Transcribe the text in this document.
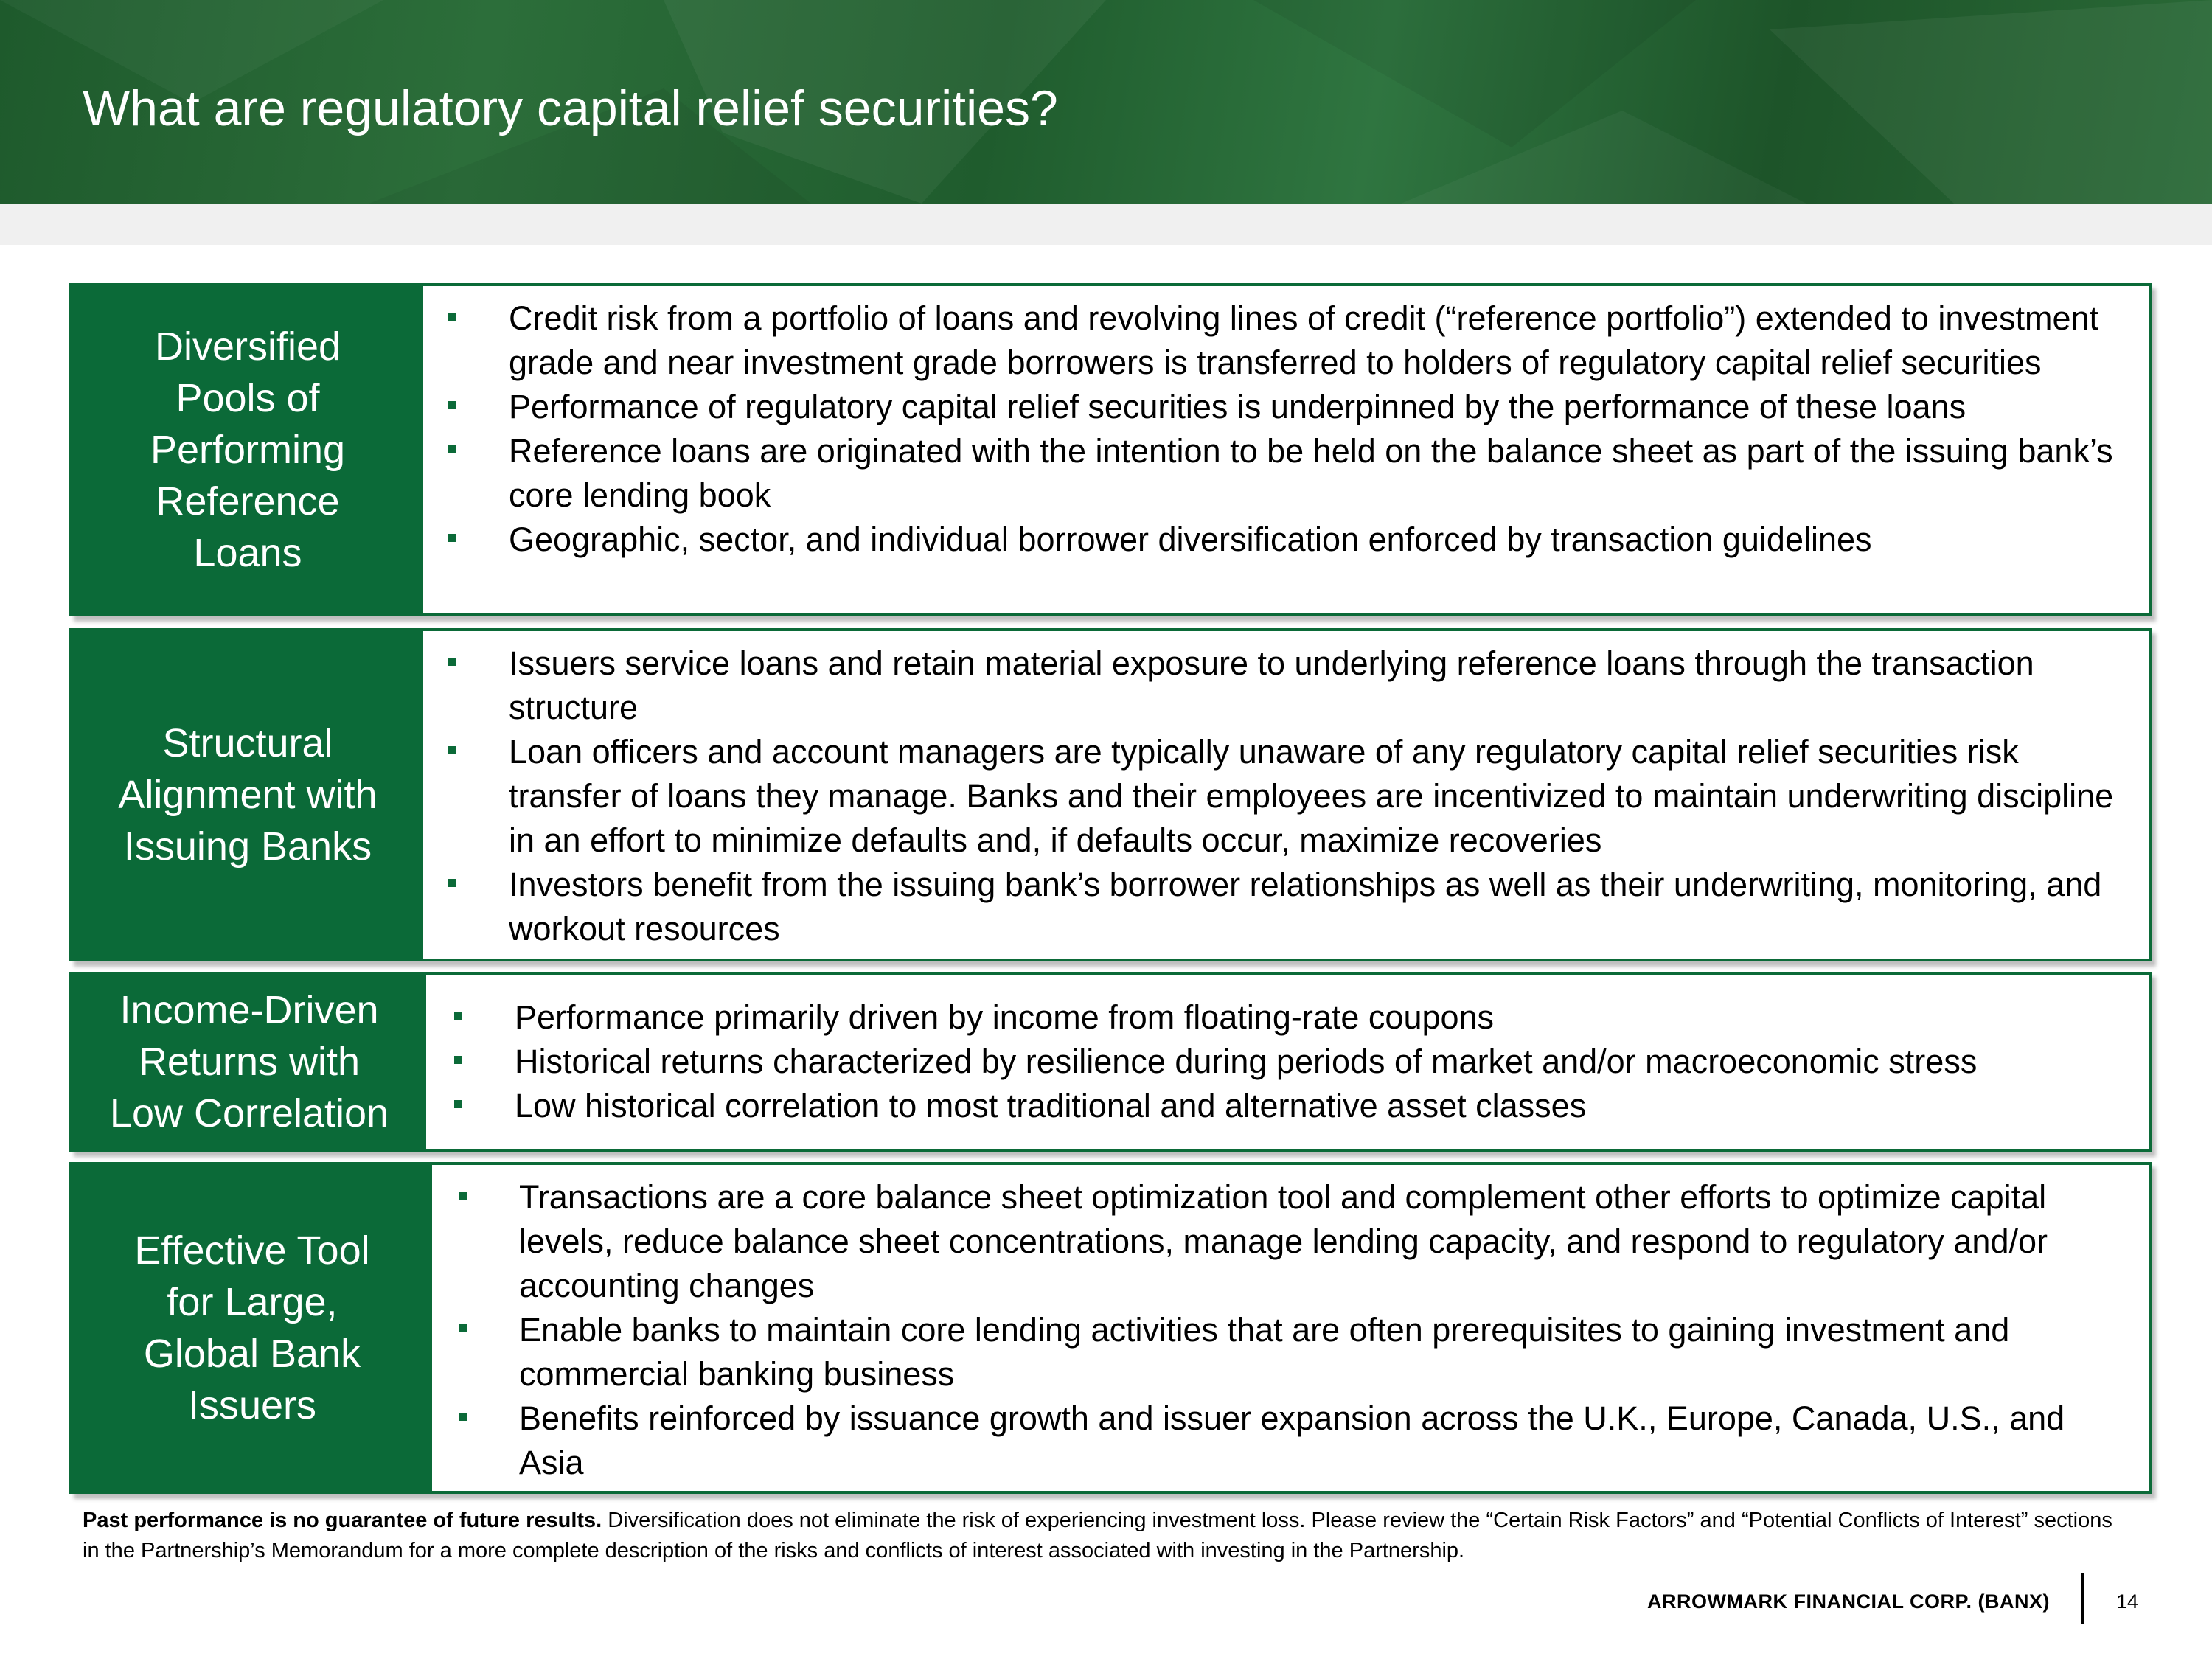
What are regulatory capital relief securities?
Diversified
Pools of
Performing
Reference
Loans
Credit risk from a portfolio of loans and revolving lines of credit (“reference portfolio”) extended to investment grade and near investment grade borrowers is transferred to holders of regulatory capital relief securities
Performance of regulatory capital relief securities is underpinned by the performance of these loans
Reference loans are originated with the intention to be held on the balance sheet as part of the issuing bank’s core lending book
Geographic, sector, and individual borrower diversification enforced by transaction guidelines
Structural
Alignment with
Issuing Banks
Issuers service loans and retain material exposure to underlying reference loans through the transaction structure
Loan officers and account managers are typically unaware of any regulatory capital relief securities risk transfer of loans they manage. Banks and their employees are incentivized to maintain underwriting discipline in an effort to minimize defaults and, if defaults occur, maximize recoveries
Investors benefit from the issuing bank’s borrower relationships as well as their underwriting, monitoring, and workout resources
Income-Driven
Returns with
Low Correlation
Performance primarily driven by income from floating-rate coupons
Historical returns characterized by resilience during periods of market and/or macroeconomic stress
Low historical correlation to most traditional and alternative asset classes
Effective Tool
for Large,
Global Bank
Issuers
Transactions are a core balance sheet optimization tool and complement other efforts to optimize capital levels, reduce balance sheet concentrations, manage lending capacity, and respond to regulatory and/or accounting changes
Enable banks to maintain core lending activities that are often prerequisites to gaining investment and commercial banking business
Benefits reinforced by issuance growth and issuer expansion across the U.K., Europe, Canada, U.S., and Asia
Past performance is no guarantee of future results. Diversification does not eliminate the risk of experiencing investment loss. Please review the “Certain Risk Factors” and “Potential Conflicts of Interest” sections in the Partnership’s Memorandum for a more complete description of the risks and conflicts of interest associated with investing in the Partnership.
ARROWMARK FINANCIAL CORP. (BANX)	14
